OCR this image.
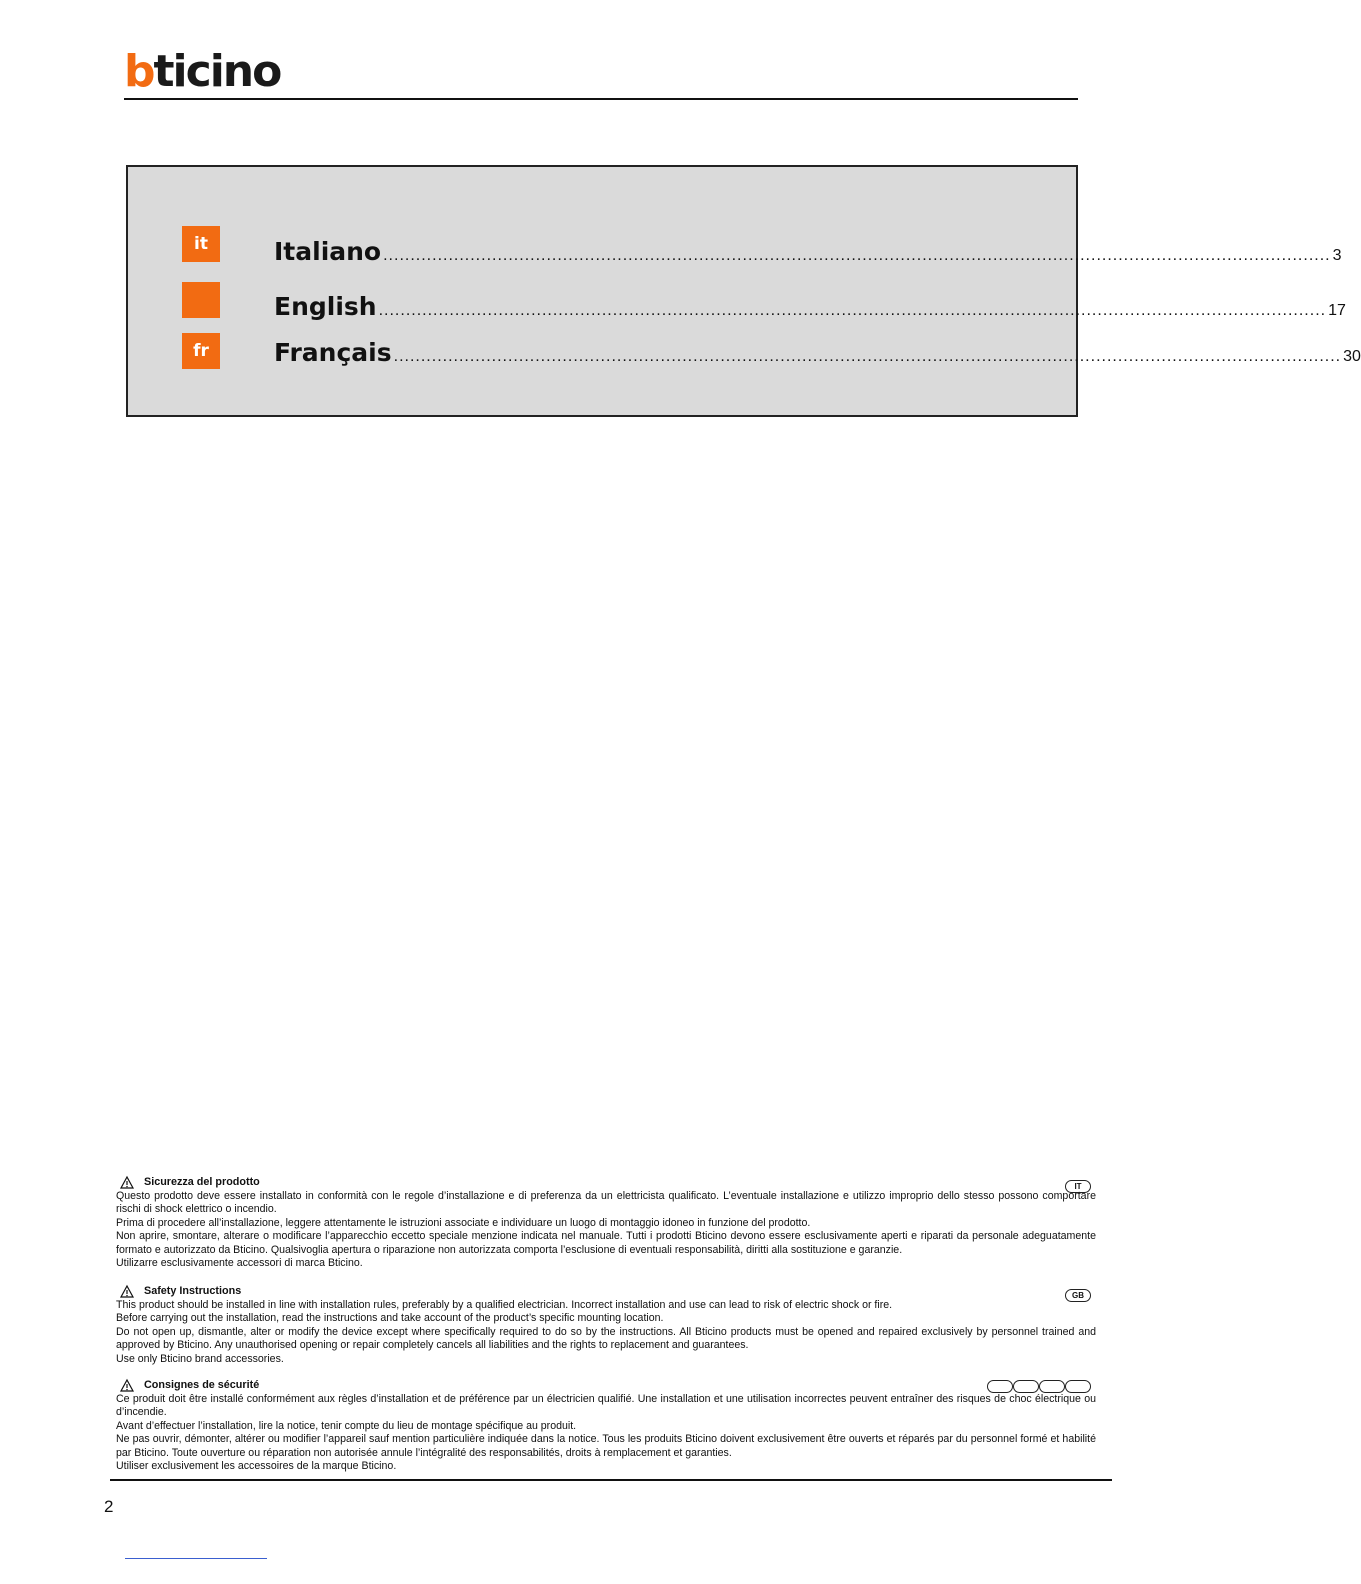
bticino
it	Italiano .............................................................................................................................................................................. 3
English .............................................................................................................................................................................. 17
fr	Français .............................................................................................................................................................................. 30
Sicurezza del prodotto

Questo prodotto deve essere installato in conformità con le regole d’installazione e di preferenza da un elettricista qualificato. L’eventuale installazione e utilizzo improprio dello stesso possono comportare rischi di shock elettrico o incendio.

Prima di procedere all’installazione, leggere attentamente le istruzioni associate e individuare un luogo di montaggio idoneo in funzione del prodotto.

Non aprire, smontare, alterare o modificare l’apparecchio eccetto speciale menzione indicata nel manuale. Tutti i prodotti Bticino devono essere esclusivamente aperti e riparati da personale adeguatamente formato e autorizzato da Bticino. Qualsivoglia apertura o riparazione non autorizzata comporta l’esclusione di eventuali responsabilità, diritti alla sostituzione e garanzie.

Utilizarre esclusivamente accessori di marca Bticino.

IT
Safety Instructions

This product should be installed in line with installation rules, preferably by a qualified electrician. Incorrect installation and use can lead to risk of electric shock or fire.

Before carrying out the installation, read the instructions and take account of the product’s specific mounting location.

Do not open up, dismantle, alter or modify the device except where specifically required to do so by the instructions. All Bticino products must be opened and repaired exclusively by personnel trained and approved by Bticino. Any unauthorised opening or repair completely cancels all liabilities and the rights to replacement and guarantees.

Use only Bticino brand accessories.

GB
Consignes de sécurité

Ce produit doit être installé conformément aux règles d’installation et de préférence par un électricien qualifié. Une installation et une utilisation incorrectes peuvent entraîner des risques de choc électrique ou d’incendie.

Avant d’effectuer l’installation, lire la notice, tenir compte du lieu de montage spécifique au produit.

Ne pas ouvrir, démonter, altérer ou modifier l’appareil sauf mention particulière indiquée dans la notice. Tous les produits Bticino doivent exclusivement être ouverts et réparés par du personnel formé et habilité par Bticino. Toute ouverture ou réparation non autorisée annule l’intégralité des responsabilités, droits à remplacement et garanties.

Utiliser exclusivement les accessoires de la marque Bticino.

2
